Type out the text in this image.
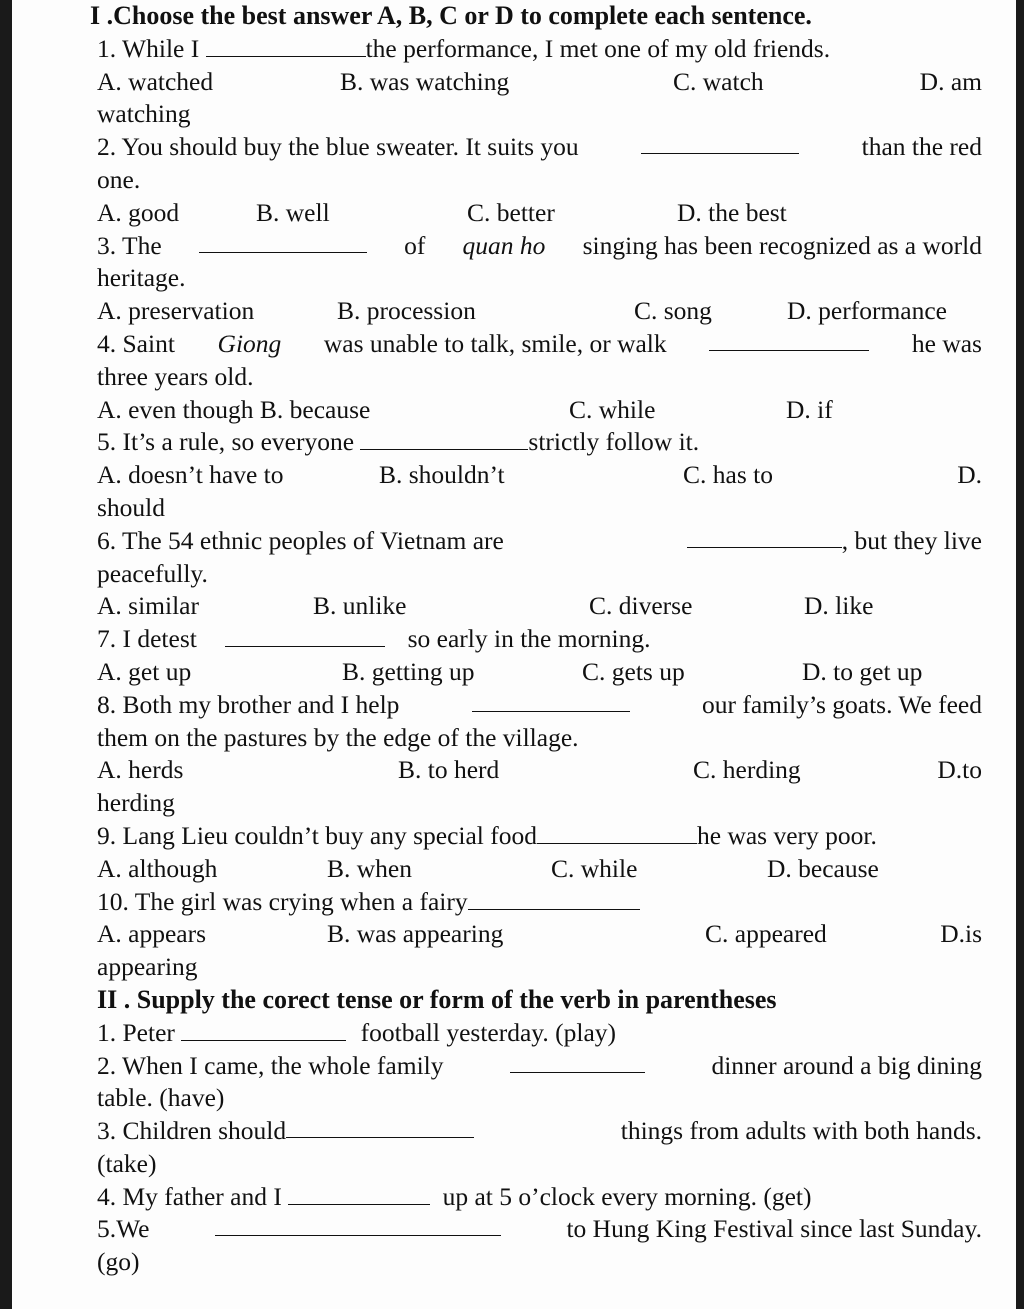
I .Choose the best answer A, B, C or D to complete each sentence.
1. While I	the performance, I met one of my old friends.
A. watched	B. was watching	C. watch	D. am
watching
2. You should buy the blue sweater. It suits you	than the red
one.
A. good	B. well	C. better	D. the best
3. The	of quan ho singing has been recognized as a world
heritage.
A. preservation	B. procession	C. song	D. performance
4. Saint Giong was unable to talk, smile, or walk	he was
three years old.
A. even though B. because	C. while	D. if
5. It’s a rule, so everyone	strictly follow it.
A. doesn’t have to	B. shouldn’t	C. has to	D.
should
6. The 54 ethnic peoples of Vietnam are	, but they live
peacefully.
A. similar	B. unlike	C. diverse	D. like
7. I detest	so early in the morning.
A. get up	B. getting up	C. gets up	D. to get up
8. Both my brother and I help	our family’s goats. We feed
them on the pastures by the edge of the village.
A. herds	B. to herd	C. herding	D.to
herding
9. Lang Lieu couldn’t buy any special food	he was very poor.
A. although	B. when	C. while	D. because
10. The girl was crying when a fairy
A. appears	B. was appearing	C. appeared	D.is
appearing
II . Supply the corect tense or form of the verb in parentheses
1. Peter	football yesterday. (play)
2. When I came, the whole family	dinner around a big dining
table. (have)
3. Children should	things from adults with both hands.
(take)
4. My father and I	up at 5 o’clock every morning. (get)
5.We	to Hung King Festival since last Sunday.
(go)
